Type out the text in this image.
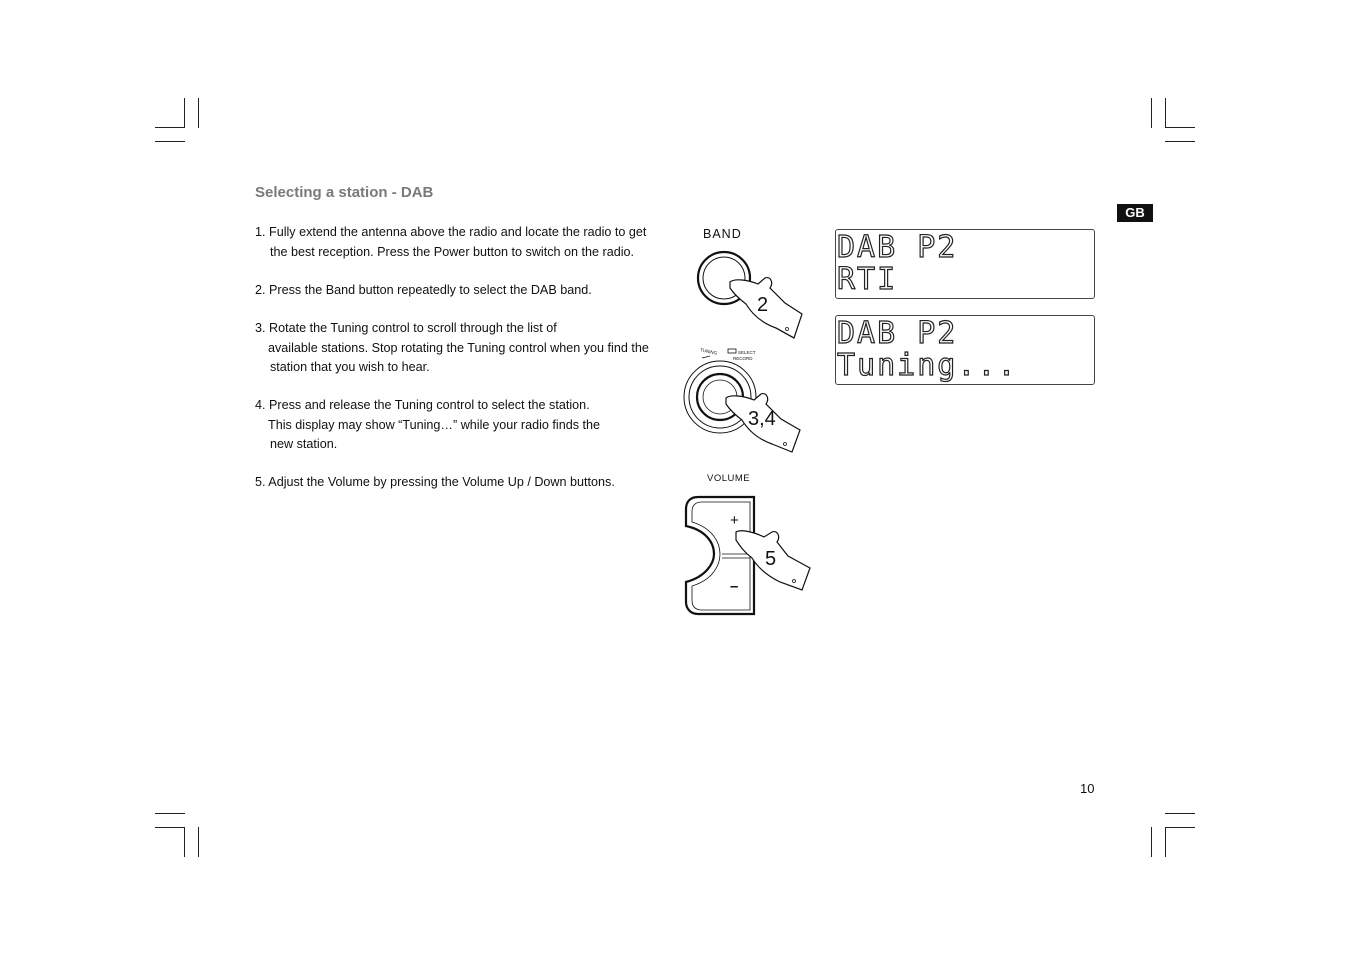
Selecting a station - DAB
GB
1. Fully extend the antenna above the radio and locate the radio to get
the best reception. Press the Power button to switch on the radio.
2. Press the Band button repeatedly to select the DAB band.
3. Rotate the Tuning control to scroll through the list of
available stations. Stop rotating the Tuning control when you find the
station that you wish to hear.
4. Press and release the Tuning control to select the station.
This display may show “Tuning…” while your radio finds the
new station.
5. Adjust the Volume by pressing the Volume Up / Down buttons.
BAND
2
TUNING	SELECT
RECORD
3,4
VOLUME
+
–
5
DAB P2
RTI
DAB P2
Tuning...
10
